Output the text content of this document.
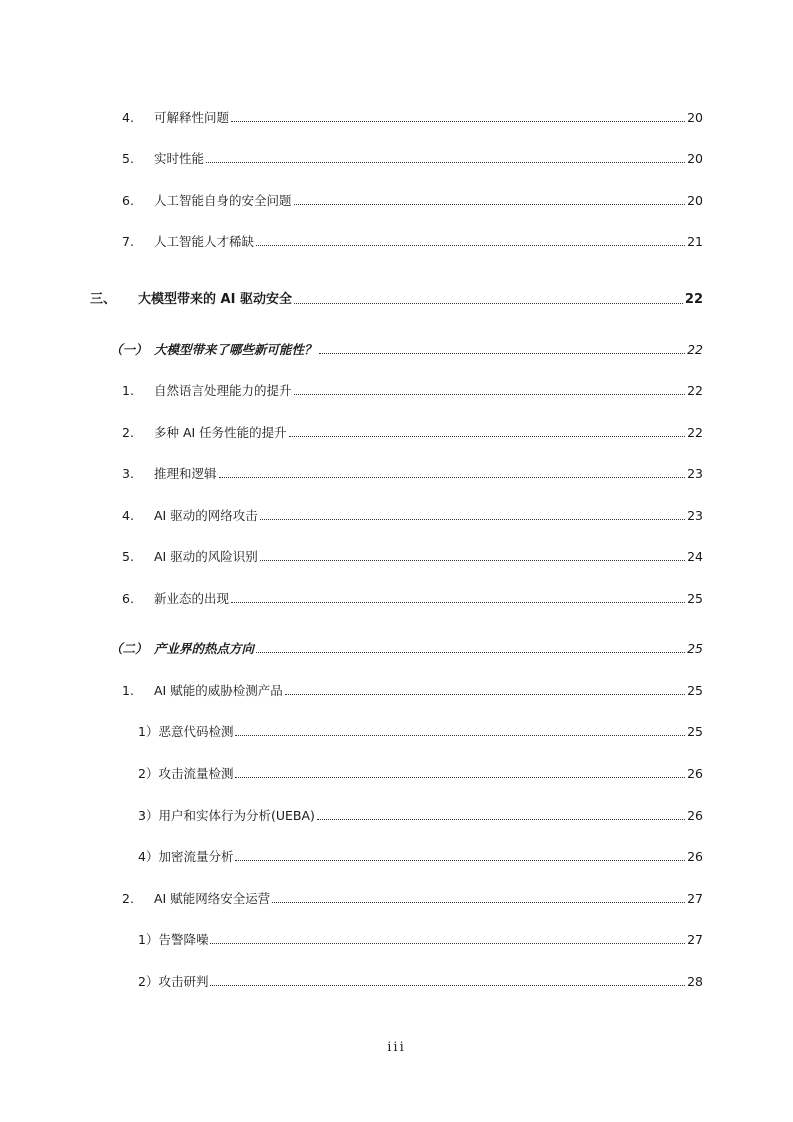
4.	可解释性问题	20
5.	实时性能	20
6.	人工智能自身的安全问题	20
7.	人工智能人才稀缺	21
三、	大模型带来的 AI 驱动安全	22
（一） 大模型带来了哪些新可能性？	22
1.	自然语言处理能力的提升	22
2.	多种 AI 任务性能的提升	22
3.	推理和逻辑	23
4.	AI 驱动的网络攻击	23
5.	AI 驱动的风险识别	24
6.	新业态的出现	25
（二） 产业界的热点方向	25
1.	AI 赋能的威胁检测产品	25
1）恶意代码检测	25
2）攻击流量检测	26
3）用户和实体行为分析(UEBA)	26
4）加密流量分析	26
2.	AI 赋能网络安全运营	27
1）告警降噪	27
2）攻击研判	28
iii
